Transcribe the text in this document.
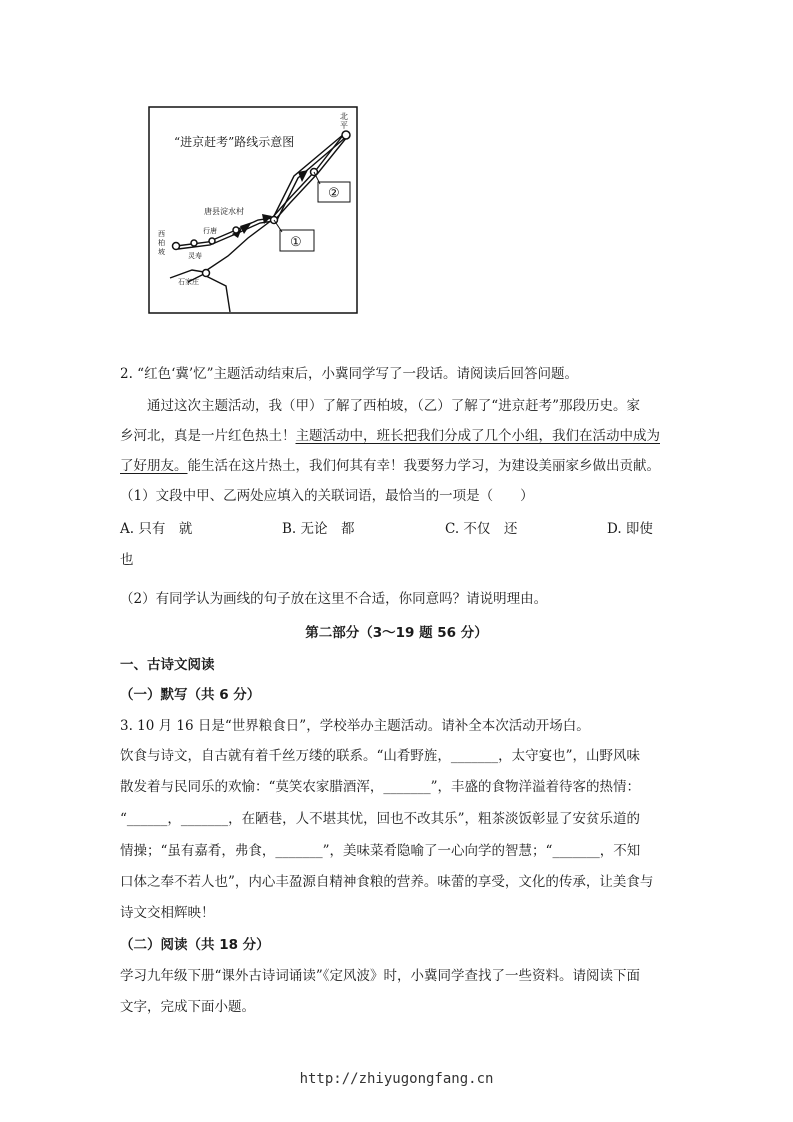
“进京赶考”路线示意图
②
①
北
平
唐县淀水村
行唐
灵寿
西
柏
坡
石家庄
2. “红色‘冀’忆”主题活动结束后，小冀同学写了一段话。请阅读后回答问题。
通过这次主题活动，我（甲）了解了西柏坡，（乙）了解了“进京赶考”那段历史。家
乡河北，真是一片红色热土！主题活动中，班长把我们分成了几个小组，我们在活动中成为
了好朋友。能生活在这片热土，我们何其有幸！我要努力学习，为建设美丽家乡做出贡献。
（1）文段中甲、乙两处应填入的关联词语，最恰当的一项是（　　）
A. 只有　就	B. 无论　都	C. 不仅　还	D. 即使
也
（2）有同学认为画线的句子放在这里不合适，你同意吗？请说明理由。
第二部分（3～19 题 56 分）
一、古诗文阅读
（一）默写（共 6 分）
3. 10 月 16 日是“世界粮食日”，学校举办主题活动。请补全本次活动开场白。
饮食与诗文，自古就有着千丝万缕的联系。“山肴野旌，_______，太守宴也”，山野风味
散发着与民同乐的欢愉：“莫笑农家腊酒浑，_______”，丰盛的食物洋溢着待客的热情：
“______，_______，在陋巷，人不堪其忧，回也不改其乐”，粗茶淡饭彰显了安贫乐道的
情操；“虽有嘉肴，弗食，_______”，美味菜肴隐喻了一心向学的智慧；“_______，不知
口体之奉不若人也”，内心丰盈源自精神食粮的营养。味蕾的享受，文化的传承，让美食与
诗文交相辉映！
（二）阅读（共 18 分）
学习九年级下册“课外古诗词诵读”《定风波》时，小冀同学查找了一些资料。请阅读下面
文字，完成下面小题。
http://zhiyugongfang.cn
